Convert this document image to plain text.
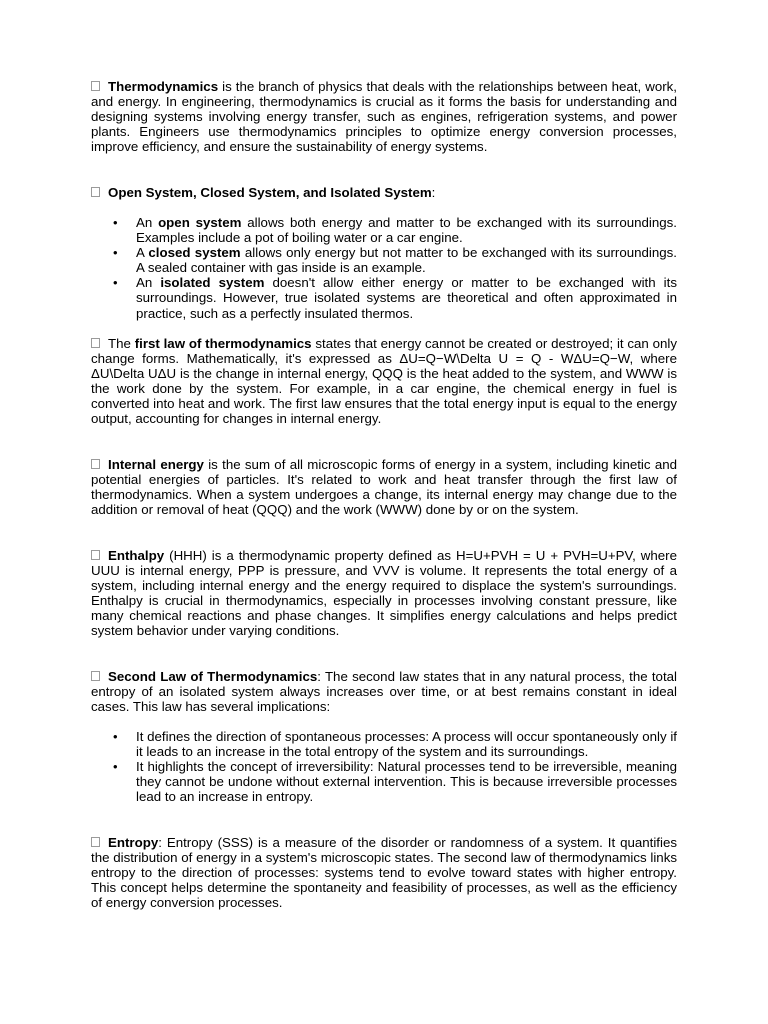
Thermodynamics is the branch of physics that deals with the relationships between heat, work, and energy. In engineering, thermodynamics is crucial as it forms the basis for understanding and designing systems involving energy transfer, such as engines, refrigeration systems, and power plants. Engineers use thermodynamics principles to optimize energy conversion processes, improve efficiency, and ensure the sustainability of energy systems.

Open System, Closed System, and Isolated System:

• An open system allows both energy and matter to be exchanged with its surroundings. Examples include a pot of boiling water or a car engine.
• A closed system allows only energy but not matter to be exchanged with its surroundings. A sealed container with gas inside is an example.
• An isolated system doesn't allow either energy or matter to be exchanged with its surroundings. However, true isolated systems are theoretical and often approximated in practice, such as a perfectly insulated thermos.

The first law of thermodynamics states that energy cannot be created or destroyed; it can only change forms. Mathematically, it's expressed as ΔU=Q−W\Delta U = Q - WΔU=Q−W, where ΔU\Delta UΔU is the change in internal energy, QQQ is the heat added to the system, and WWW is the work done by the system. For example, in a car engine, the chemical energy in fuel is converted into heat and work. The first law ensures that the total energy input is equal to the energy output, accounting for changes in internal energy.

Internal energy is the sum of all microscopic forms of energy in a system, including kinetic and potential energies of particles. It's related to work and heat transfer through the first law of thermodynamics. When a system undergoes a change, its internal energy may change due to the addition or removal of heat (QQQ) and the work (WWW) done by or on the system.

Enthalpy (HHH) is a thermodynamic property defined as H=U+PVH = U + PVH=U+PV, where UUU is internal energy, PPP is pressure, and VVV is volume. It represents the total energy of a system, including internal energy and the energy required to displace the system's surroundings. Enthalpy is crucial in thermodynamics, especially in processes involving constant pressure, like many chemical reactions and phase changes. It simplifies energy calculations and helps predict system behavior under varying conditions.

Second Law of Thermodynamics: The second law states that in any natural process, the total entropy of an isolated system always increases over time, or at best remains constant in ideal cases. This law has several implications:

• It defines the direction of spontaneous processes: A process will occur spontaneously only if it leads to an increase in the total entropy of the system and its surroundings.
• It highlights the concept of irreversibility: Natural processes tend to be irreversible, meaning they cannot be undone without external intervention. This is because irreversible processes lead to an increase in entropy.

Entropy: Entropy (SSS) is a measure of the disorder or randomness of a system. It quantifies the distribution of energy in a system's microscopic states. The second law of thermodynamics links entropy to the direction of processes: systems tend to evolve toward states with higher entropy. This concept helps determine the spontaneity and feasibility of processes, as well as the efficiency of energy conversion processes.
